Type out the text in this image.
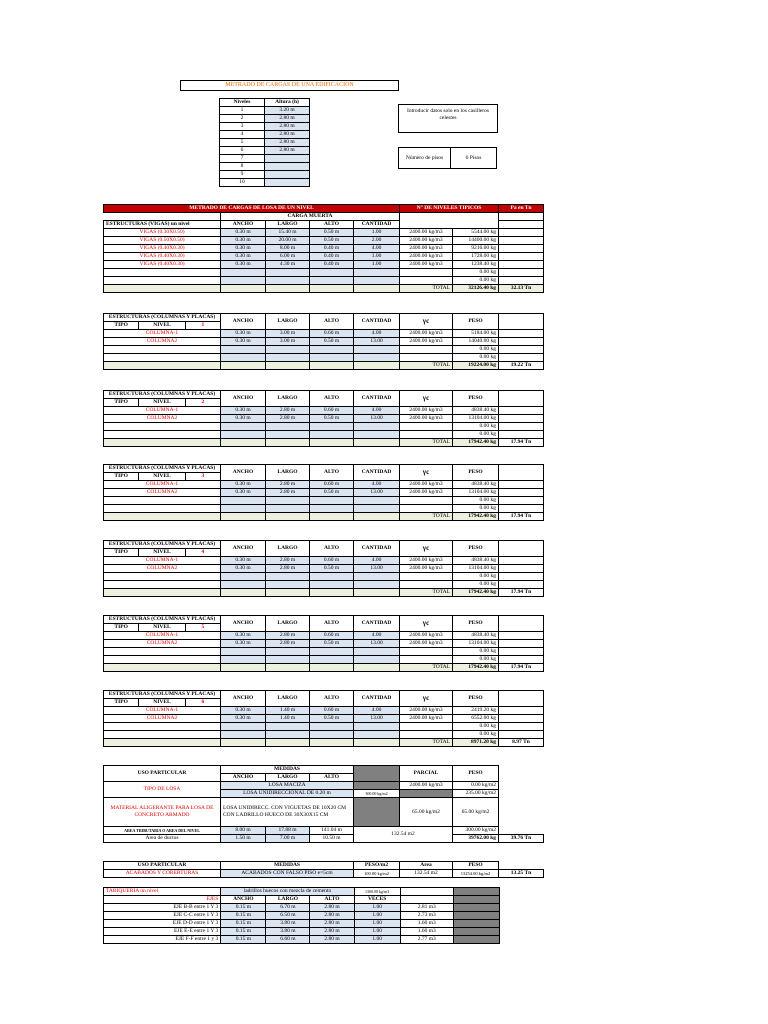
METRADO DE CARGAS DE UNA EDIFICACIÓN
Niveles	Altura (h)
1	3.20 m
2	2.80 m
3	2.80 m
4	2.80 m
5	2.80 m
6	2.80 m
7	
8	
9	
10	
Introducir datos solo en los casilleros celestes
Número de pisos	6 Pisos
METRADO DE CARGAS DE LOSA DE UN NIVEL					N° DE NIVELES TIPICOS		Pa en Tn
	CARGA MUERTA						
ESTRUCTURAS (VIGAS) un nivel	ANCHO	LARGO	ALTO	CANTIDAD			
VIGAS (0.30X0.50)	0.30 m	15.40 m	0.50 m	1.00	2400.00 kg/m3	5544.00 kg	
VIGAS (0.50X0.50)	0.30 m	20.00 m	0.50 m	2.00	2400.00 kg/m3	14400.00 kg	
VIGAS (0.40X0.30)	0.30 m	8.00 m	0.40 m	4.00	2400.00 kg/m3	9216.00 kg	
VIGAS (0.40X0.30)	0.30 m	6.00 m	0.40 m	1.00	2400.00 kg/m3	1728.00 kg	
VIGAS (0.40X0.30)	0.30 m	4.30 m	0.40 m	1.00	2400.00 kg/m3	1238.40 kg	
						0.00 kg	
						0.00 kg	
					TOTAL	32126.40 kg	32.13 Tn
ESTRUCTURAS (COLUMNAS Y PLACAS)	ANCHO	LARGO	ALTO	CANTIDAD	γc	PESO	

TIPO	NIVEL	1

COLUMNA-1	0.30 m	3.00 m	0.60 m	4.00	2400.00 kg/m3	5184.00 kg	
COLUMNA2	0.30 m	3.00 m	0.50 m	13.00	2400.00 kg/m3	14040.00 kg	
						0.00 kg	
						0.00 kg	
					TOTAL	19224.00 kg	19.22 Tn
ESTRUCTURAS (COLUMNAS Y PLACAS)	ANCHO	LARGO	ALTO	CANTIDAD	γc	PESO	

TIPO	NIVEL	2

COLUMNA-1	0.30 m	2.80 m	0.60 m	4.00	2400.00 kg/m3	4838.40 kg	
COLUMNA2	0.30 m	2.80 m	0.50 m	13.00	2400.00 kg/m3	13104.00 kg	
						0.00 kg	
						0.00 kg	
					TOTAL	17942.40 kg	17.94 Tn
ESTRUCTURAS (COLUMNAS Y PLACAS)	ANCHO	LARGO	ALTO	CANTIDAD	γc	PESO	

TIPO	NIVEL	3

COLUMNA-1	0.30 m	2.80 m	0.60 m	4.00	2400.00 kg/m3	4838.40 kg	
COLUMNA2	0.30 m	2.80 m	0.50 m	13.00	2400.00 kg/m3	13104.00 kg	
						0.00 kg	
						0.00 kg	
					TOTAL	17942.40 kg	17.94 Tn
ESTRUCTURAS (COLUMNAS Y PLACAS)	ANCHO	LARGO	ALTO	CANTIDAD	γc	PESO	

TIPO	NIVEL	4

COLUMNA-1	0.30 m	2.80 m	0.60 m	4.00	2400.00 kg/m3	4838.40 kg	
COLUMNA2	0.30 m	2.80 m	0.50 m	13.00	2400.00 kg/m3	13104.00 kg	
						0.00 kg	
						0.00 kg	
					TOTAL	17942.40 kg	17.94 Tn
ESTRUCTURAS (COLUMNAS Y PLACAS)	ANCHO	LARGO	ALTO	CANTIDAD	γc	PESO	

TIPO	NIVEL	5

COLUMNA-1	0.30 m	2.80 m	0.60 m	4.00	2400.00 kg/m3	4838.40 kg	
COLUMNA2	0.30 m	2.80 m	0.50 m	13.00	2400.00 kg/m3	13104.00 kg	
						0.00 kg	
						0.00 kg	
					TOTAL	17942.40 kg	17.94 Tn
ESTRUCTURAS (COLUMNAS Y PLACAS)	ANCHO	LARGO	ALTO	CANTIDAD	γc	PESO	

TIPO	NIVEL	6

COLUMNA-1	0.30 m	1.40 m	0.60 m	4.00	2400.00 kg/m3	2419.20 kg	
COLUMNA2	0.30 m	1.40 m	0.50 m	13.00	2400.00 kg/m3	6552.00 kg	
						0.00 kg	
						0.00 kg	
					TOTAL	8971.20 kg	8.97 Tn
USO PARTICULAR	MEDIDAS				PARCIAL	PESO	
	ANCHO	LARGO	ALTO				
TIPO DE LOSA	LOSA MACIZA				2400.00 kg/m3	0.00 kg/m2	
	LOSA UNIDIRECCIONAL DE 0.20 m			300.00 kg/m2		235.00 kg/m2	
MATERIAL ALIGERANTE PARA LOSA DE CONCRETO ARMADO	LOSA UNIDIRECC. CON VIGUETAS DE 10X20 CM CON LADRILLO HUECO DE 30X30X15 CM				65.00 kg/m2	65.00 kg/m2	
AREA TRIBUTARIA O AREA DEL NIVEL	8.00 m	17.88 m	141.04 m	132.54 m2		300.00 kg/m2	
Area de ductos	1.50 m	7.00 m	10.50 m			39762.00 kg	39.76 Tn
USO PARTICULAR	MEDIDAS	PESO/m2	Area	PESO	
ACABADOS Y COBERTURAS	ACABADOS CON FALSO PISO e=5cm	100.00 kg/m2	132.54 m2	13254.00 kg/m2	13.25 Tn
TABIQUERIA un nivel	ladrillos huecos con mezcla de cemento			1300.00 kg/m3		
EJES	ANCHO	LARGO	ALTO	VECES		
EJE B-B entre 1 Y 3	0.15 m	6.70 m	2.80 m	1.00	2.81 m3	
EJE C-C entre 1 Y 3	0.15 m	6.50 m	2.80 m	1.00	2.73 m3	
EJE D-D entre 1 Y 3	0.15 m	3.80 m	2.80 m	1.00	1.60 m3	
EJE E-E entre 1 Y 3	0.15 m	3.80 m	2.80 m	1.00	1.60 m3	
EJE F-F entre 1 y 3	0.15 m	6.60 m	2.80 m	1.00	2.77 m3	
